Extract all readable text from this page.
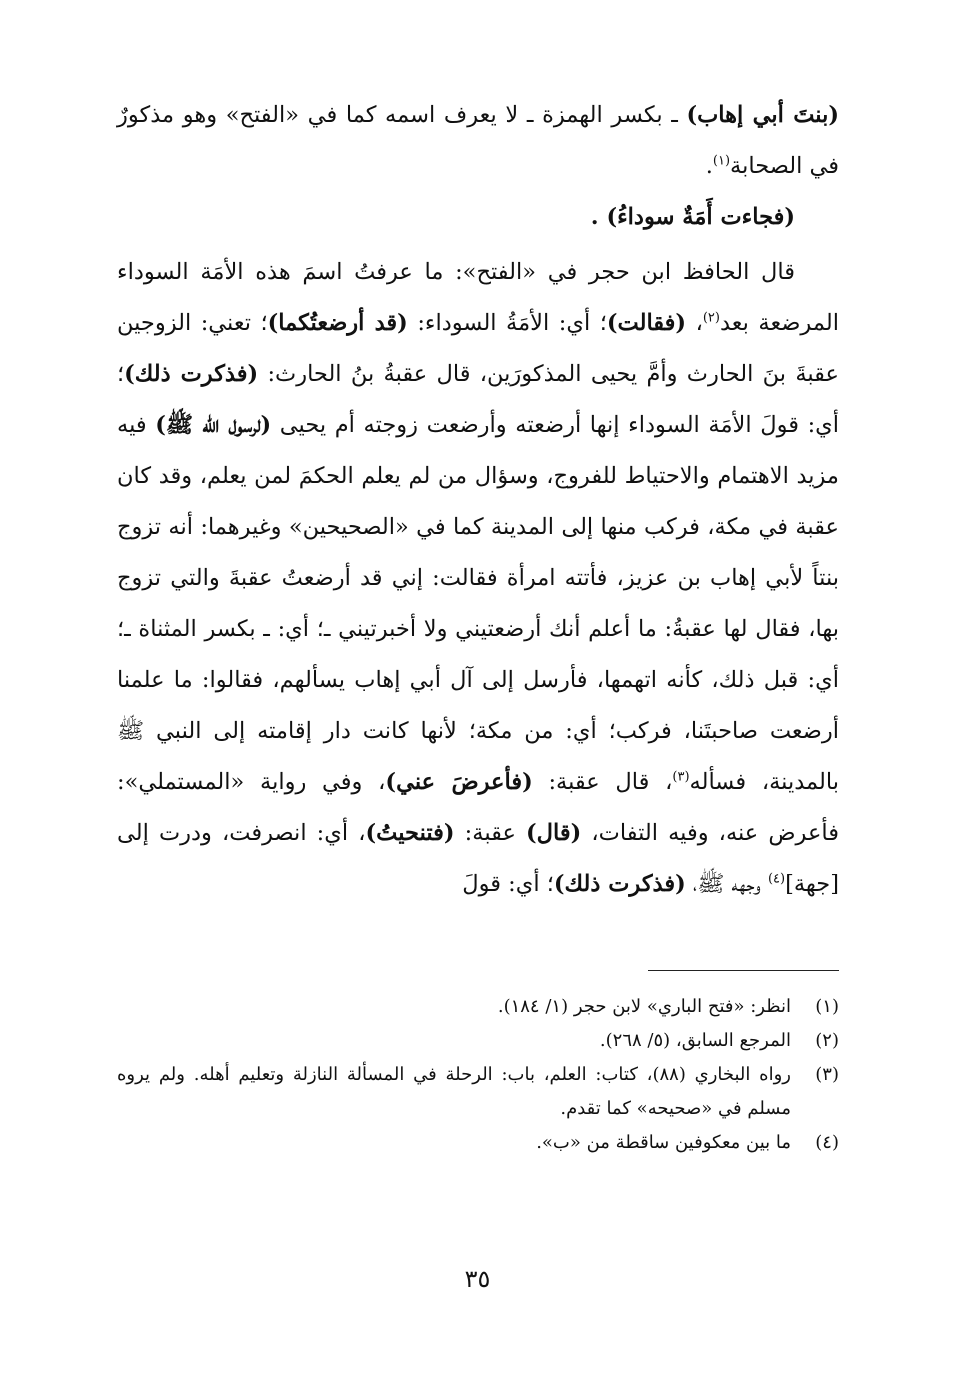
(بنتَ أبي إهاب) ـ بكسر الهمزة ـ لا يعرف اسمه كما في «الفتح» وهو مذكورٌ في الصحابة$^{(١)}$.

(فجاءت أَمَةٌ سوداءُ) .

قال الحافظ ابن حجر في «الفتح»: ما عرفتُ اسمَ هذه الأمَة السوداء المرضعة بعد$^{(٢)}$، (فقالت)؛ أي: الأمَةُ السوداء: (قد أرضعتُكما)؛ تعني: الزوجين عقبةَ بنَ الحارث وأمَّ يحيى المذكورَين، قال عقبةُ بنُ الحارث: (فذكرت ذلك)؛ أي: قولَ الأمَة السوداء إنها أرضعته وأرضعت زوجته أم يحيى (لرسول الله ﷺ) فيه مزيد الاهتمام والاحتياط للفروج، وسؤال من لم يعلم الحكمَ لمن يعلم، وقد كان عقبة في مكة، فركب منها إلى المدينة كما في «الصحيحين» وغيرهما: أنه تزوج بنتاً لأبي إهاب بن عزيز، فأتته امرأة فقالت: إني قد أرضعتُ عقبةَ والتي تزوج بها، فقال لها عقبةُ: ما أعلم أنك أرضعتيني ولا أخبرتيني ـ؛ أي: ـ بكسر المثناة ـ؛ أي: قبل ذلك، كأنه اتهمها، فأرسل إلى آل أبي إهاب يسألهم، فقالوا: ما علمنا أرضعت صاحبتَنا، فركب؛ أي: من مكة؛ لأنها كانت دار إقامته إلى النبي ﷺ بالمدينة، فسأله$^{(٣)}$، قال عقبة: (فأعرضَ عني)، وفي رواية «المستملي»: فأعرض عنه، وفيه التفات، (قال) عقبة: (فتنحيتُ)، أي: انصرفت، ودرت إلى [جهة]$^{(٤)}$ وجهه ﷺ، (فذكرت ذلك)؛ أي: قولَ

(١)
انظر: «فتح الباري» لابن حجر (١/ ١٨٤).
(٢)
المرجع السابق، (٥/ ٢٦٨).
(٣)
رواه البخاري (٨٨)، كتاب: العلم، باب: الرحلة في المسألة النازلة وتعليم أهله. ولم يروه مسلم في «صحيحه» كما تقدم.
(٤)
ما بين معكوفين ساقطة من «ب».
٣٥
